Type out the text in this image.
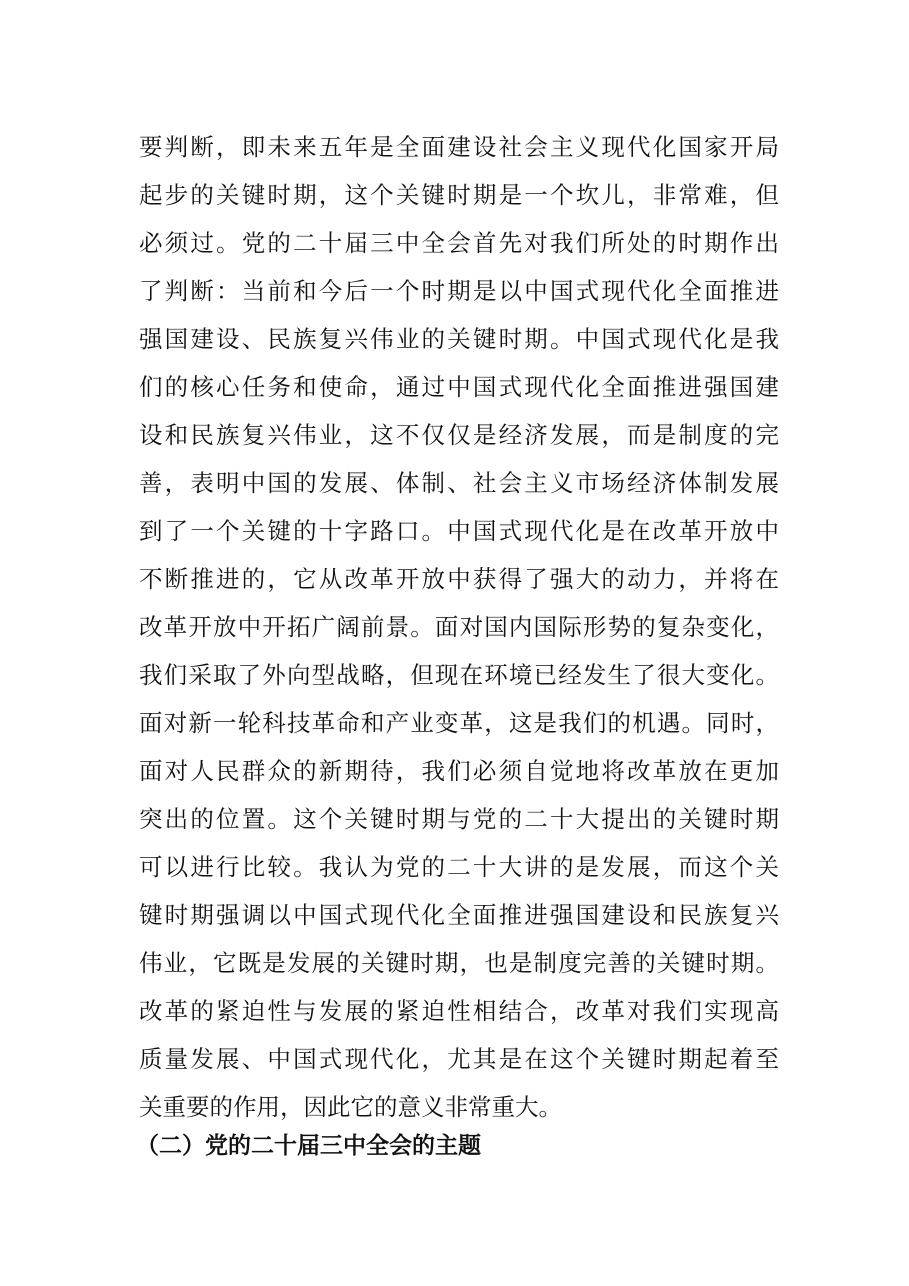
要判断，即未来五年是全面建设社会主义现代化国家开局
起步的关键时期，这个关键时期是一个坎儿，非常难，但
必须过。党的二十届三中全会首先对我们所处的时期作出
了判断：当前和今后一个时期是以中国式现代化全面推进
强国建设、民族复兴伟业的关键时期。中国式现代化是我
们的核心任务和使命，通过中国式现代化全面推进强国建
设和民族复兴伟业，这不仅仅是经济发展，而是制度的完
善，表明中国的发展、体制、社会主义市场经济体制发展
到了一个关键的十字路口。中国式现代化是在改革开放中
不断推进的，它从改革开放中获得了强大的动力，并将在
改革开放中开拓广阔前景。面对国内国际形势的复杂变化，
我们采取了外向型战略，但现在环境已经发生了很大变化。
面对新一轮科技革命和产业变革，这是我们的机遇。同时，
面对人民群众的新期待，我们必须自觉地将改革放在更加
突出的位置。这个关键时期与党的二十大提出的关键时期
可以进行比较。我认为党的二十大讲的是发展，而这个关
键时期强调以中国式现代化全面推进强国建设和民族复兴
伟业，它既是发展的关键时期，也是制度完善的关键时期。
改革的紧迫性与发展的紧迫性相结合，改革对我们实现高
质量发展、中国式现代化，尤其是在这个关键时期起着至
关重要的作用，因此它的意义非常重大。
（二）党的二十届三中全会的主题
